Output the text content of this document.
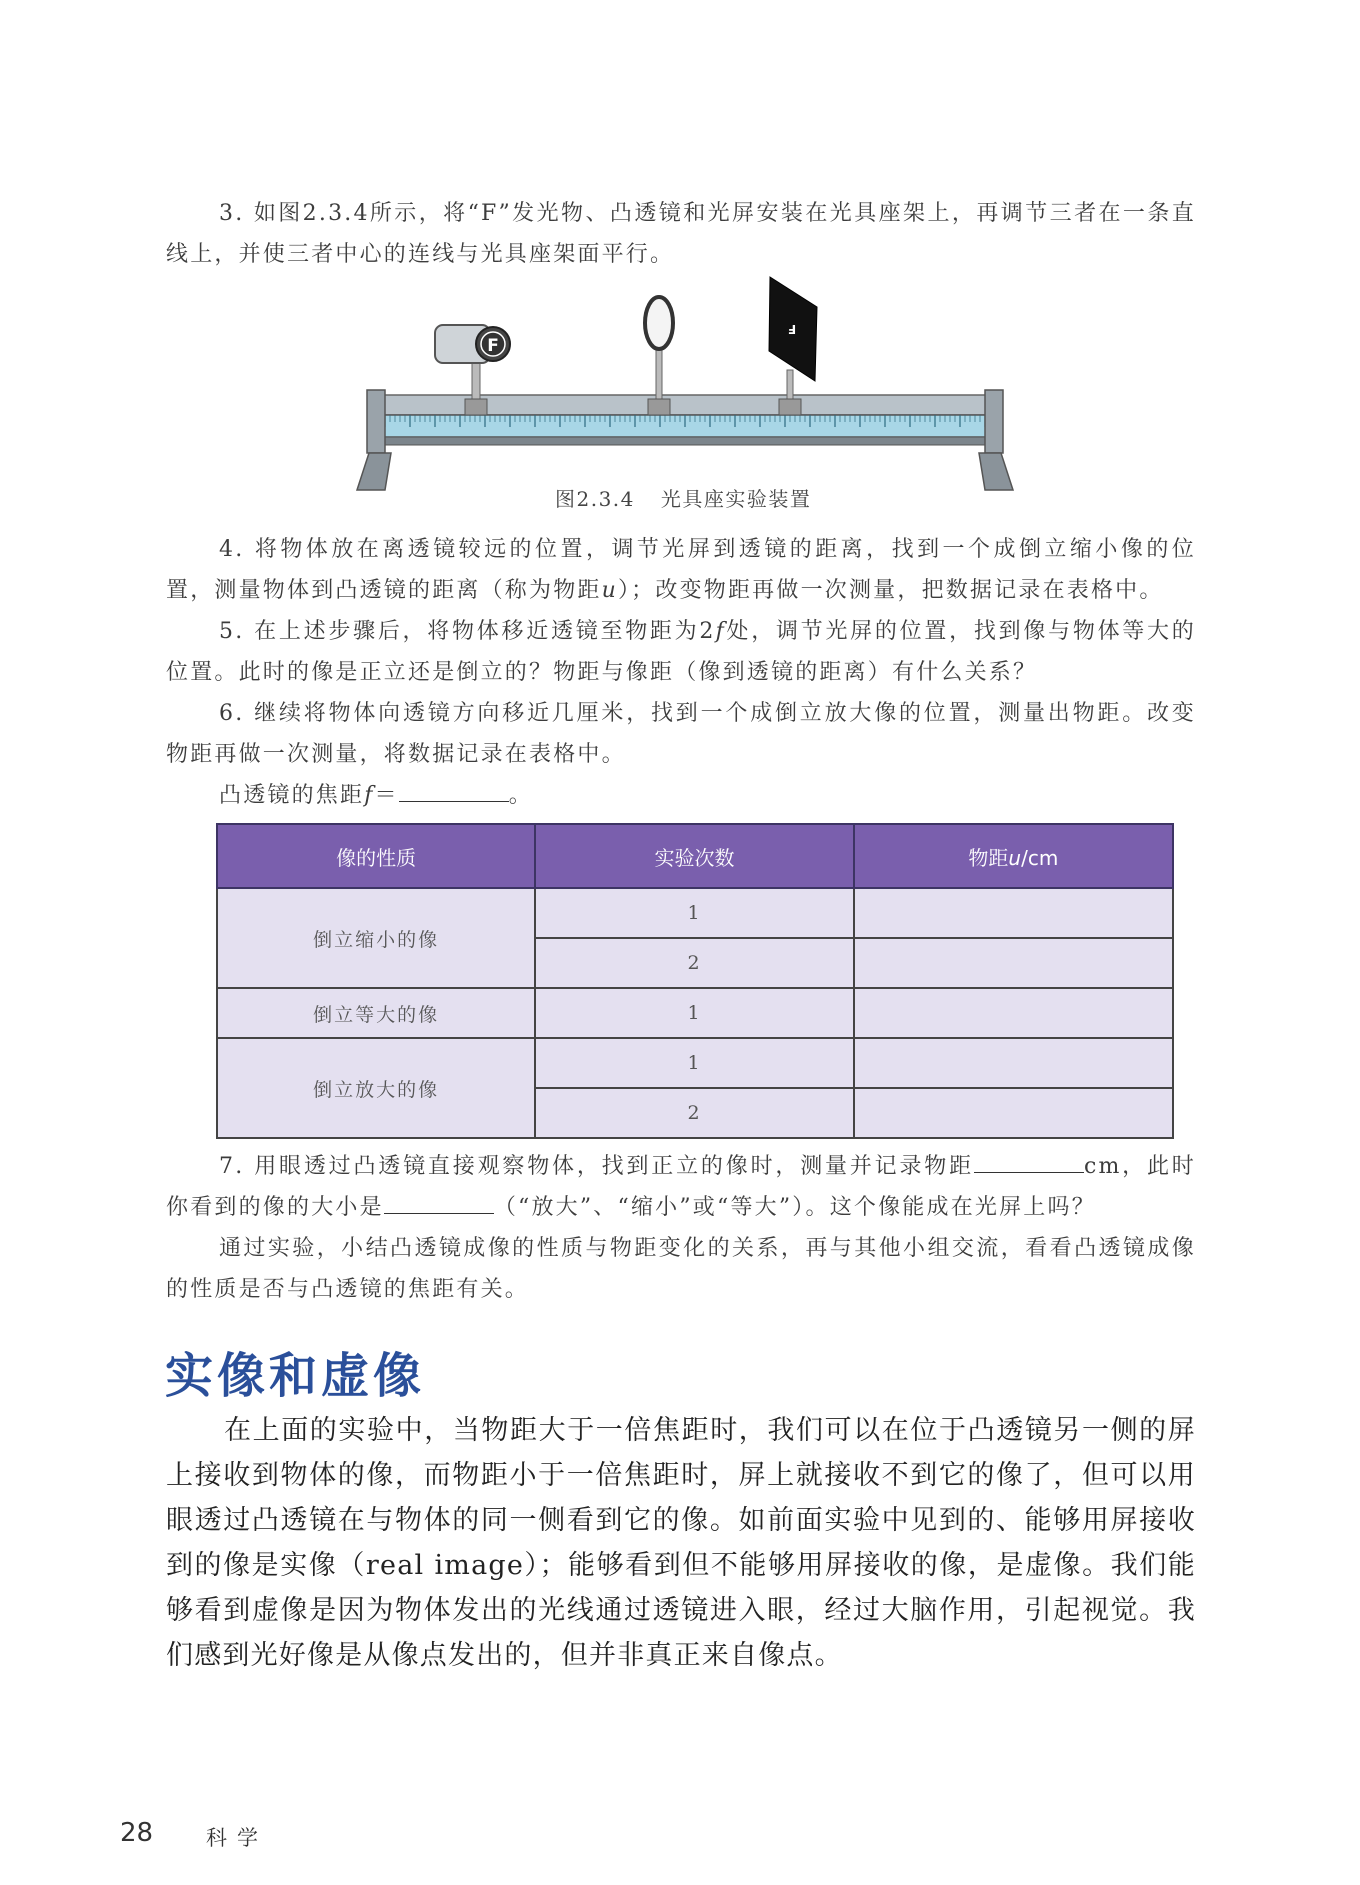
3. 如图2.3.4所示，将“F”发光物、凸透镜和光屏安装在光具座架上，再调节三者在一条直线上，并使三者中心的连线与光具座架面平行。

F
F
图2.3.4 光具座实验装置

4. 将物体放在离透镜较远的位置，调节光屏到透镜的距离，找到一个成倒立缩小像的位置，测量物体到凸透镜的距离（称为物距u）；改变物距再做一次测量，把数据记录在表格中。

5. 在上述步骤后，将物体移近透镜至物距为2f处，调节光屏的位置，找到像与物体等大的位置。此时的像是正立还是倒立的？物距与像距（像到透镜的距离）有什么关系？

6. 继续将物体向透镜方向移近几厘米，找到一个成倒立放大像的位置，测量出物距。改变物距再做一次测量，将数据记录在表格中。

凸透镜的焦距f＝	。

像的性质	实验次数	物距u/cm
倒立缩小的像	1	
	2	
倒立等大的像	1	
倒立放大的像	1	
	2	

7. 用眼透过凸透镜直接观察物体，找到正立的像时，测量并记录物距	cm，此时你看到的像的大小是	（“放大”、“缩小”或“等大”）。这个像能成在光屏上吗？

通过实验，小结凸透镜成像的性质与物距变化的关系，再与其他小组交流，看看凸透镜成像的性质是否与凸透镜的焦距有关。

实像和虚像

在上面的实验中，当物距大于一倍焦距时，我们可以在位于凸透镜另一侧的屏上接收到物体的像，而物距小于一倍焦距时，屏上就接收不到它的像了，但可以用眼透过凸透镜在与物体的同一侧看到它的像。如前面实验中见到的、能够用屏接收到的像是实像（real image）；能够看到但不能够用屏接收的像，是虚像。我们能够看到虚像是因为物体发出的光线通过透镜进入眼，经过大脑作用，引起视觉。我们感到光好像是从像点发出的，但并非真正来自像点。

28	科学
